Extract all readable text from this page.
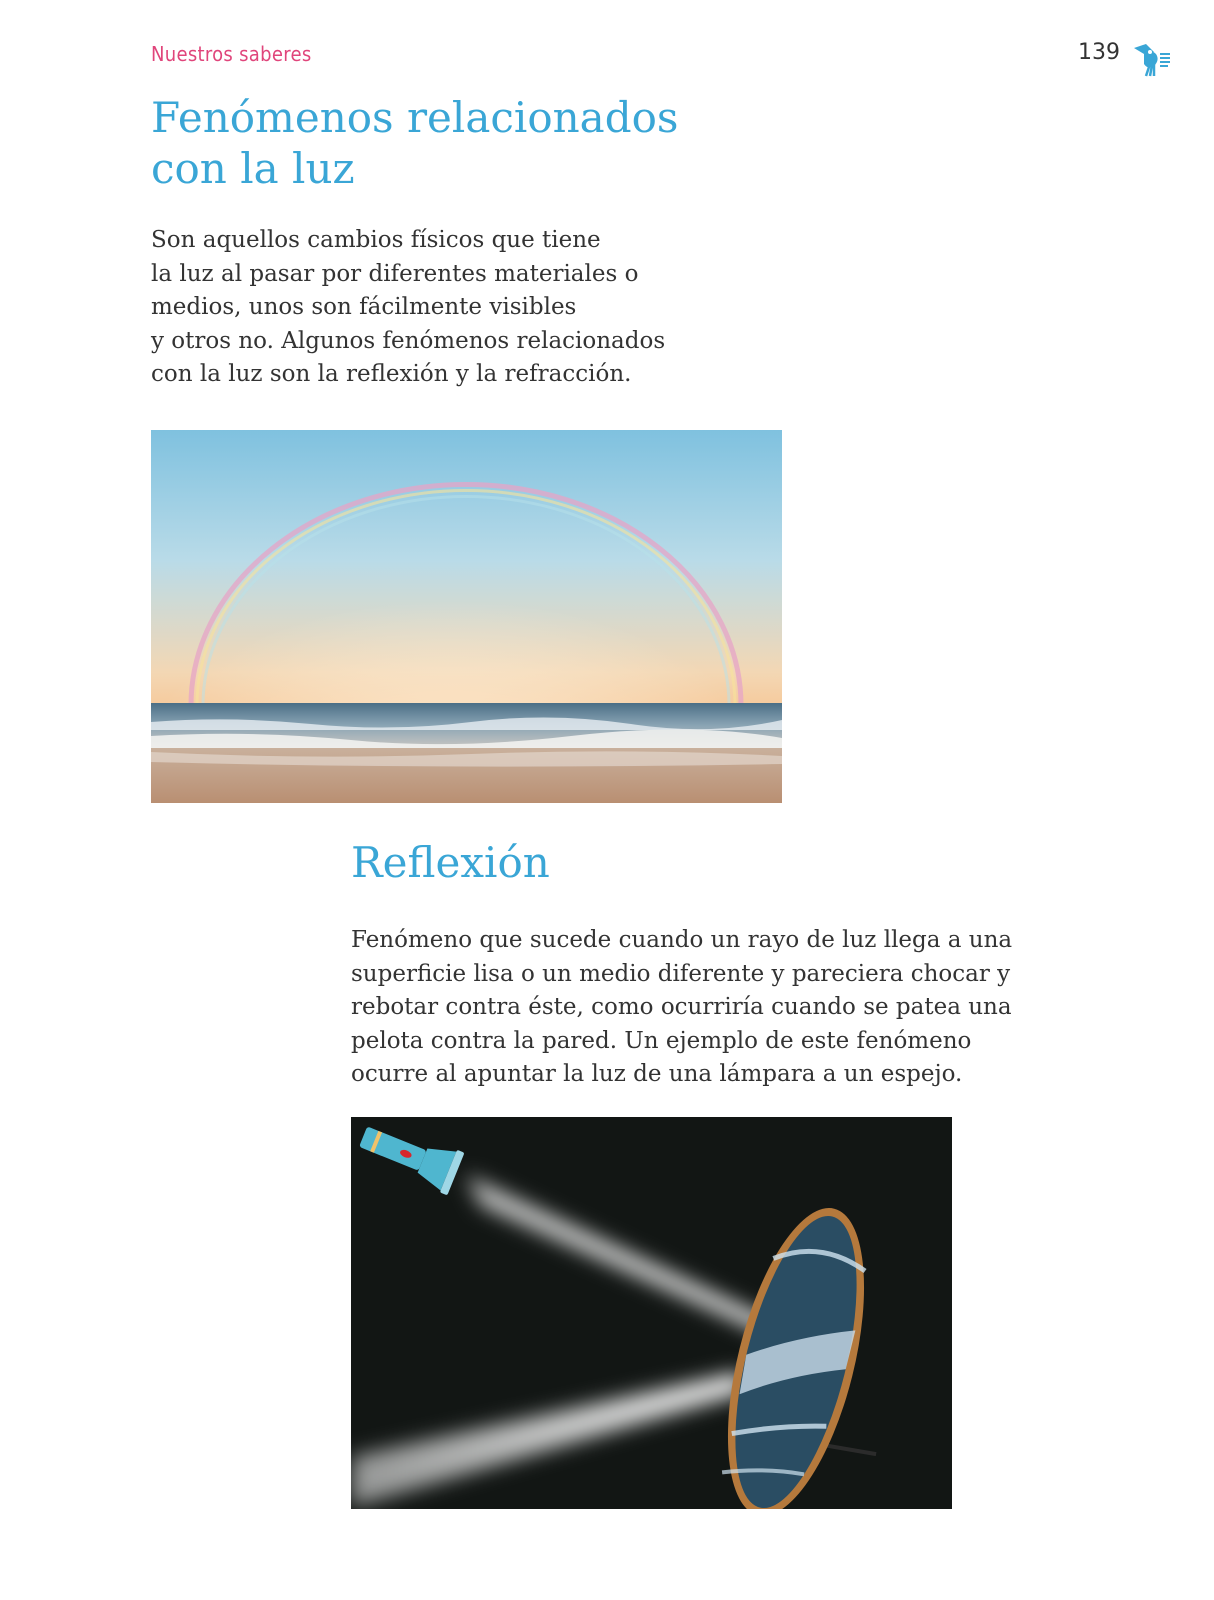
Nuestros saberes	139
Fenómenos relacionados
con la luz

Son aquellos cambios físicos que tiene
la luz al pasar por diferentes materiales o
medios, unos son fácilmente visibles
y otros no. Algunos fenómenos relacionados
con la luz son la reflexión y la refracción.

Reflexión

Fenómeno que sucede cuando un rayo de luz llega a una
superficie lisa o un medio diferente y pareciera chocar y
rebotar contra éste, como ocurriría cuando se patea una
pelota contra la pared. Un ejemplo de este fenómeno
ocurre al apuntar la luz de una lámpara a un espejo.
